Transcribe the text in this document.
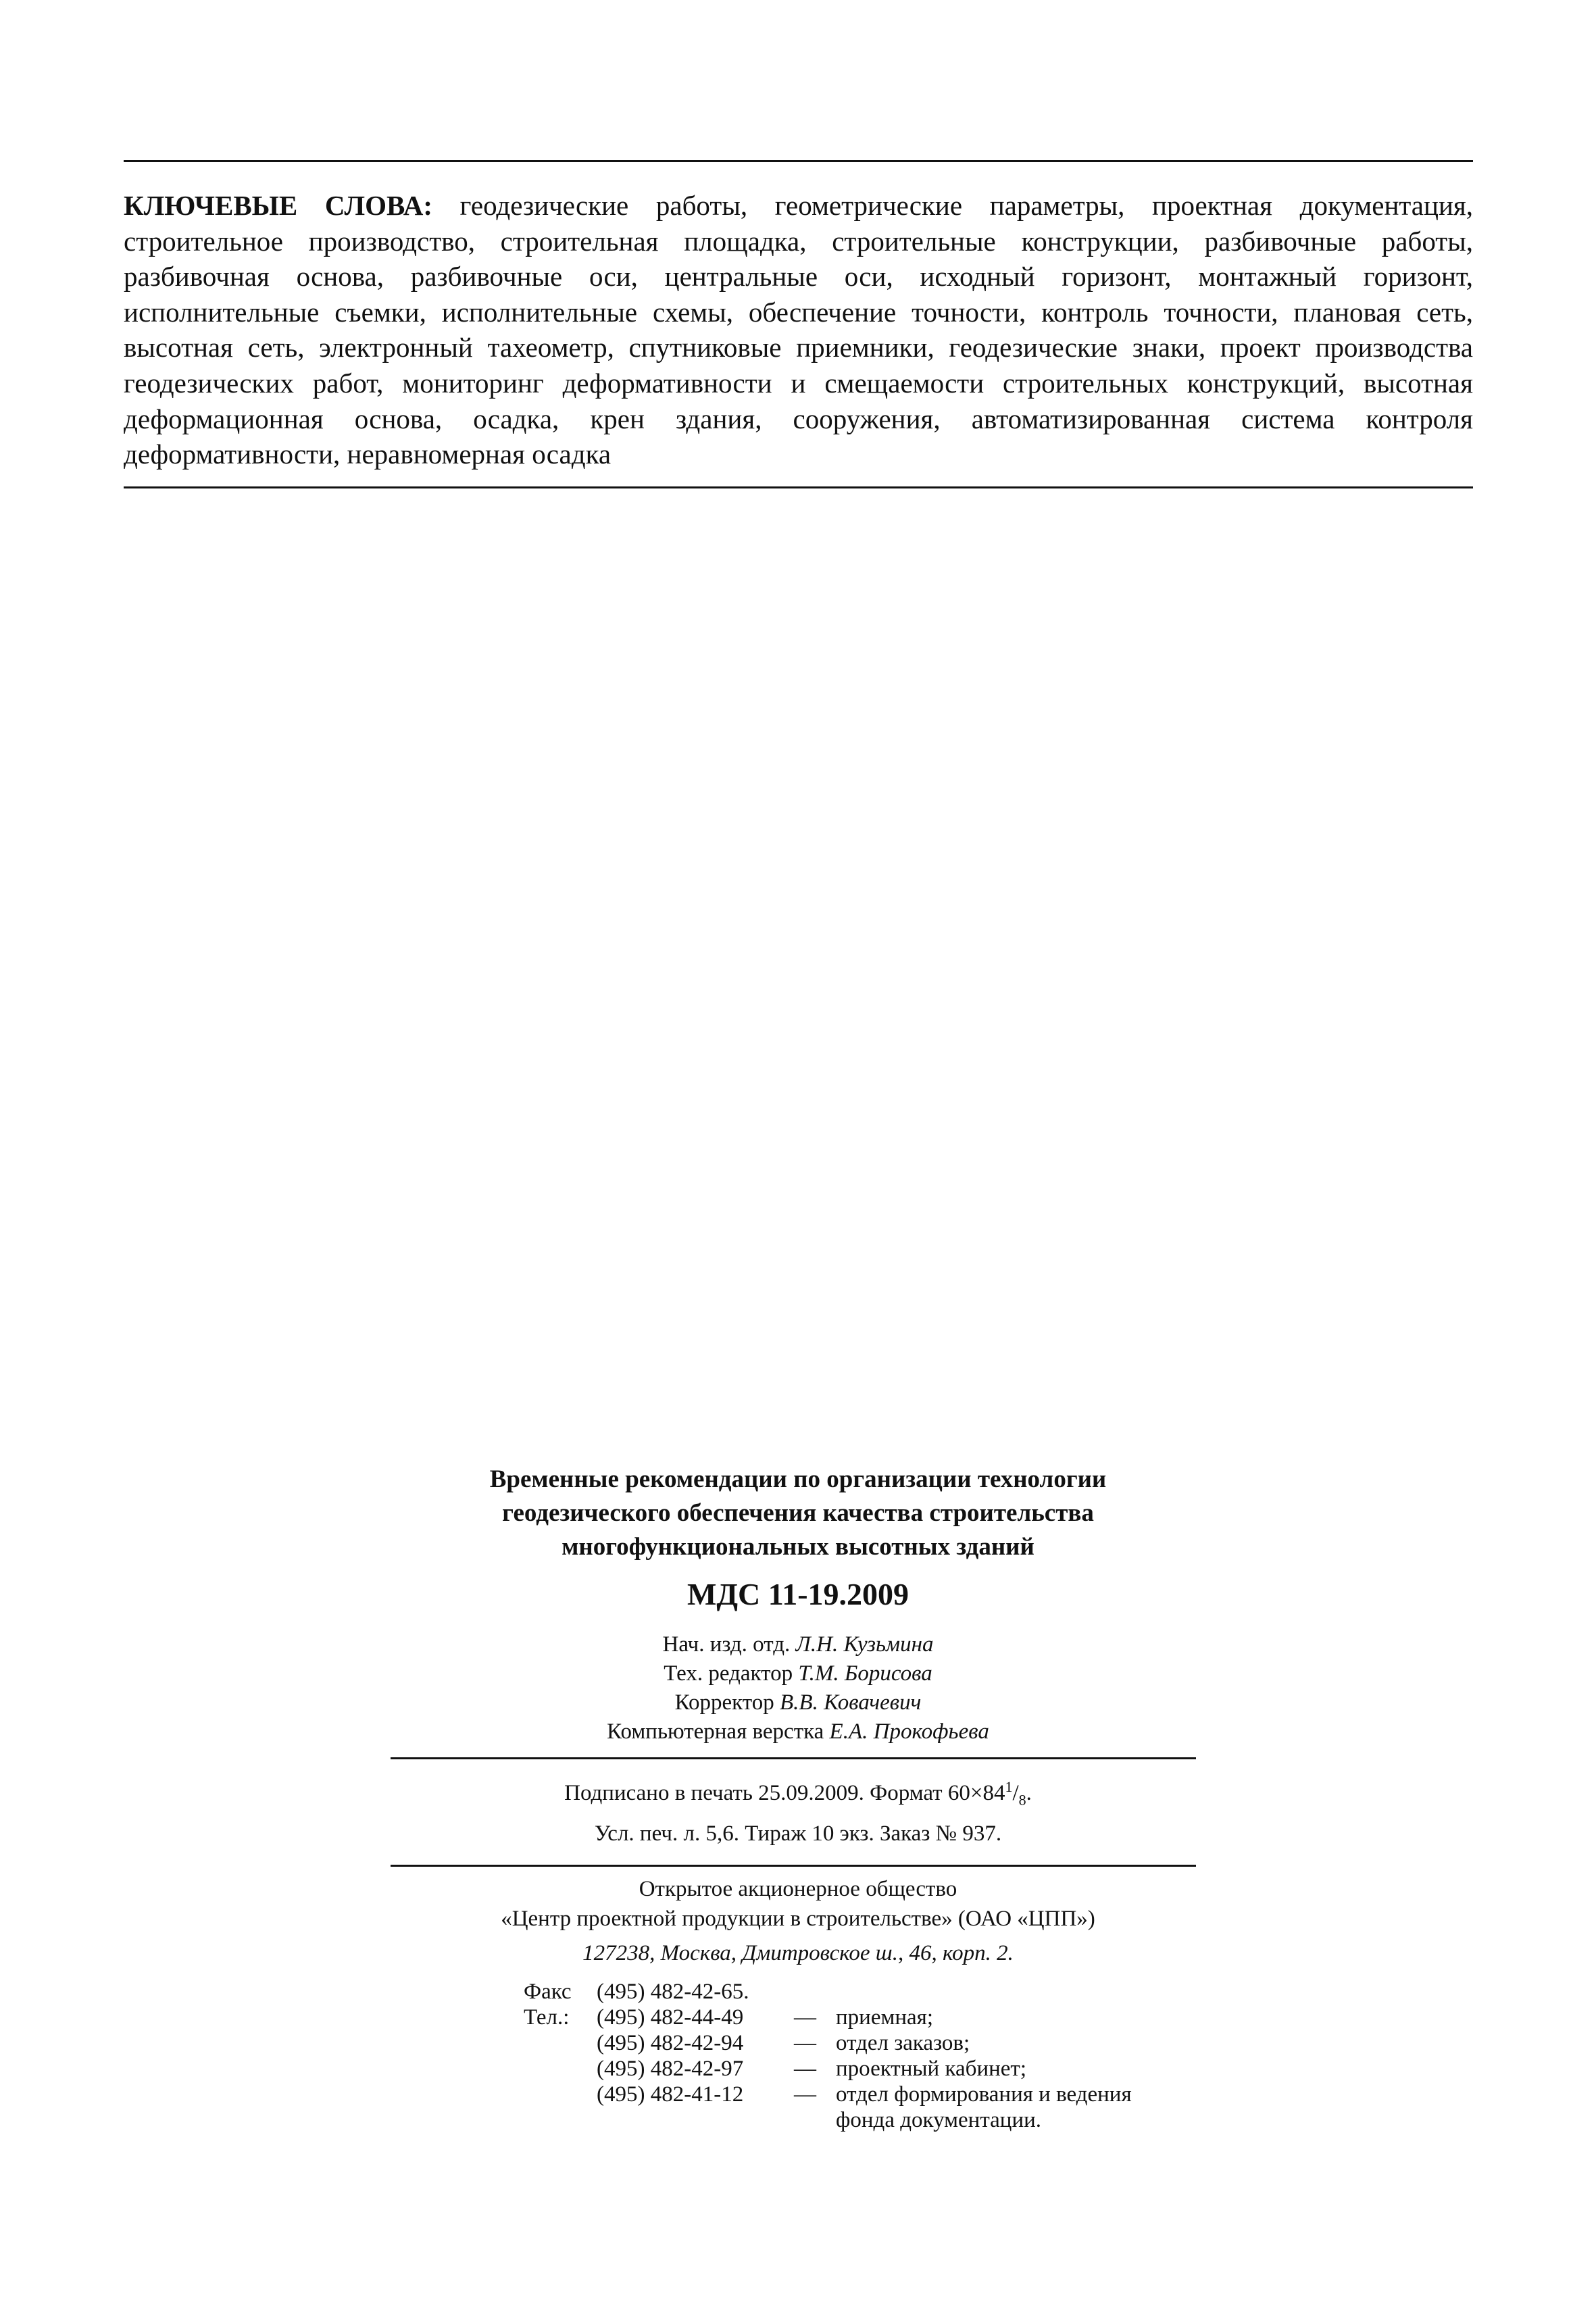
КЛЮЧЕВЫЕ СЛОВА: геодезические работы, геометрические параметры, проектная документация, строительное производство, строительная площадка, строительные конструкции, разбивочные работы, разбивочная основа, разбивочные оси, центральные оси, исходный горизонт, монтажный горизонт, исполнительные съемки, исполнительные схемы, обеспечение точности, контроль точности, плановая сеть, высотная сеть, электронный тахеометр, спутниковые приемники, геодезические знаки, проект производства геодезических работ, мониторинг деформативности и смещаемости строительных конструкций, высотная деформационная основа, осадка, крен здания, сооружения, автоматизированная система контроля деформативности, неравномерная осадка
Временные рекомендации по организации технологии
геодезического обеспечения качества строительства
многофункциональных высотных зданий
МДС 11-19.2009
Нач. изд. отд. Л.Н. Кузьмина
Тех. редактор Т.М. Борисова
Корректор В.В. Ковачевич
Компьютерная верстка Е.А. Прокофьева
Подписано в печать 25.09.2009. Формат $60\times 84^1/_8$.
Усл. печ. л. 5,6. Тираж 10 экз. Заказ № 937.
Открытое акционерное общество
«Центр проектной продукции в строительстве» (ОАО «ЦПП»)
127238, Москва, Дмитровское ш., 46, корп. 2.
Факс (495) 482-42-65.
Тел.: (495) 482-44-49 — приемная;
(495) 482-42-94 — отдел заказов;
(495) 482-42-97 — проектный кабинет;
(495) 482-41-12 — отдел формирования и ведения
фонда документации.
